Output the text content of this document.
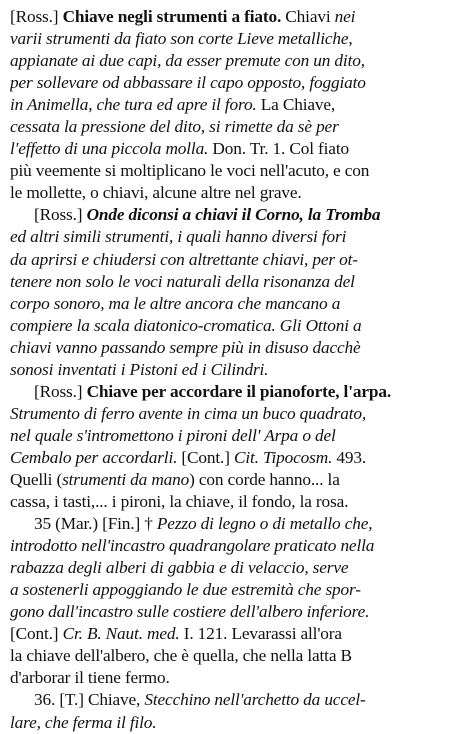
[Ross.] Chiave negli strumenti a fiato. Chiavi nei
varii strumenti da fiato son corte Lieve metalliche,
appianate ai due capi, da esser premute con un dito,
per sollevare od abbassare il capo opposto, foggiato
in Animella, che tura ed apre il foro. La Chiave,
cessata la pressione del dito, si rimette da sè per
l'effetto di una piccola molla. Don. Tr. 1. Col fiato
più veemente si moltiplicano le voci nell'acuto, e con
le mollette, o chiavi, alcune altre nel grave.
[Ross.] Onde diconsi a chiavi il Corno, la Tromba
ed altri simili strumenti, i quali hanno diversi fori
da aprirsi e chiudersi con altrettante chiavi, per ot-
tenere non solo le voci naturali della risonanza del
corpo sonoro, ma le altre ancora che mancano a
compiere la scala diatonico-cromatica. Gli Ottoni a
chiavi vanno passando sempre più in disuso dacchè
sonosi inventati i Pistoni ed i Cilindri.
[Ross.] Chiave per accordare il pianoforte, l'arpa.
Strumento di ferro avente in cima un buco quadrato,
nel quale s'intromettono i pironi dell' Arpa o del
Cembalo per accordarli. [Cont.] Cit. Tipocosm. 493.
Quelli (strumenti da mano) con corde hanno... la
cassa, i tasti,... i pironi, la chiave, il fondo, la rosa.
35 (Mar.) [Fin.] † Pezzo di legno o di metallo che,
introdotto nell'incastro quadrangolare praticato nella
rabazza degli alberi di gabbia e di velaccio, serve
a sostenerli appoggiando le due estremità che spor-
gono dall'incastro sulle costiere dell'albero inferiore.
[Cont.] Cr. B. Naut. med. I. 121. Levarassi all'ora
la chiave dell'albero, che è quella, che nella latta B
d'arborar il tiene fermo.
36. [T.] Chiave, Stecchino nell'archetto da uccel-
lare, che ferma il filo.
